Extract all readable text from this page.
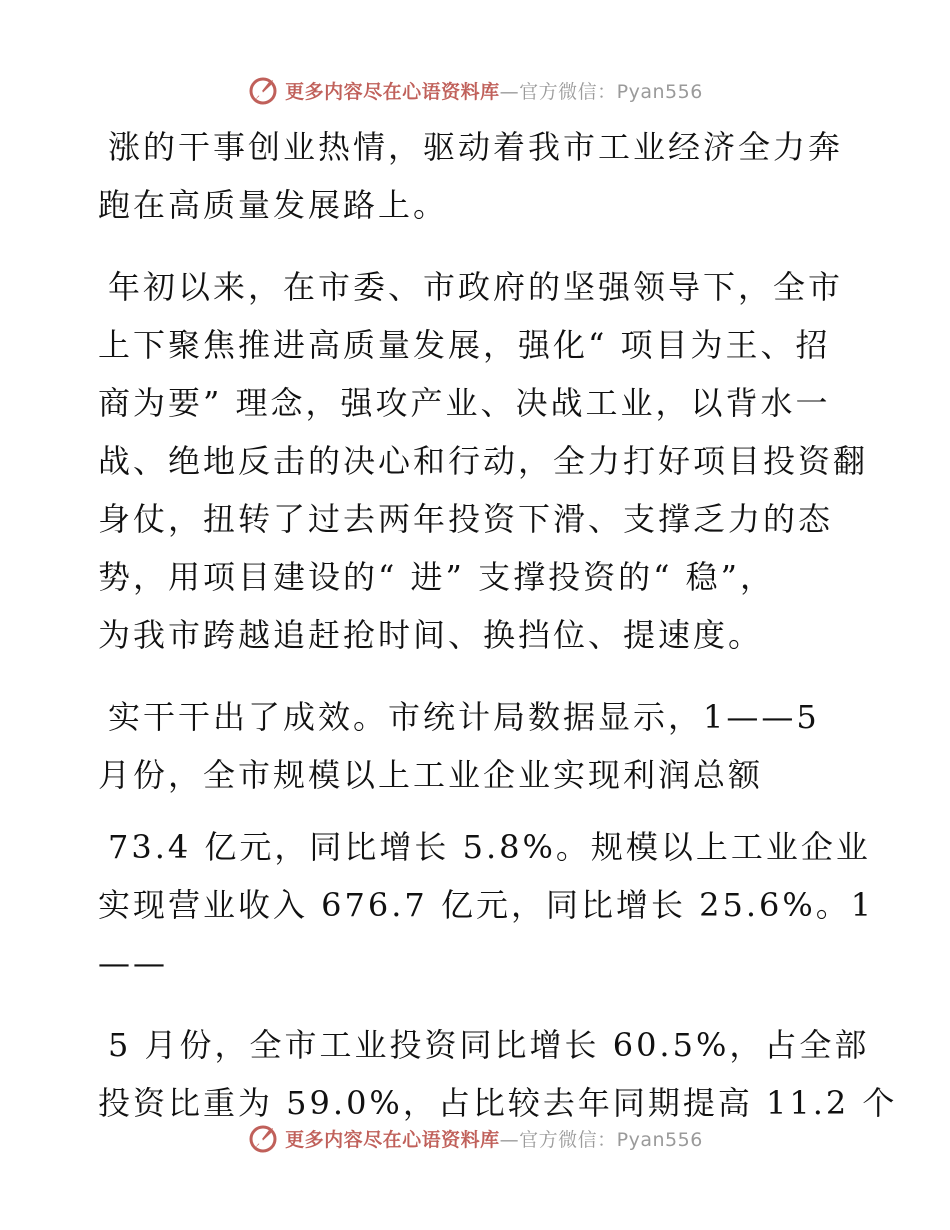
更多内容尽在心语资料库—官方微信：Pyan556
涨的干事创业热情，驱动着我市工业经济全力奔
跑在高质量发展路上。
年初以来，在市委、市政府的坚强领导下，全市
上下聚焦推进高质量发展，强化“ 项目为王、招
商为要” 理念，强攻产业、决战工业，以背水一
战、绝地反击的决心和行动，全力打好项目投资翻
身仗，扭转了过去两年投资下滑、支撑乏力的态
势，用项目建设的“ 进” 支撑投资的“ 稳”，
为我市跨越追赶抢时间、换挡位、提速度。
实干干出了成效。市统计局数据显示，1——5
月份，全市规模以上工业企业实现利润总额
73.4 亿元，同比增长 5.8%。规模以上工业企业
实现营业收入 676.7 亿元，同比增长 25.6%。1
——
5 月份，全市工业投资同比增长 60.5%，占全部
投资比重为 59.0%，占比较去年同期提高 11.2 个
更多内容尽在心语资料库—官方微信：Pyan556
